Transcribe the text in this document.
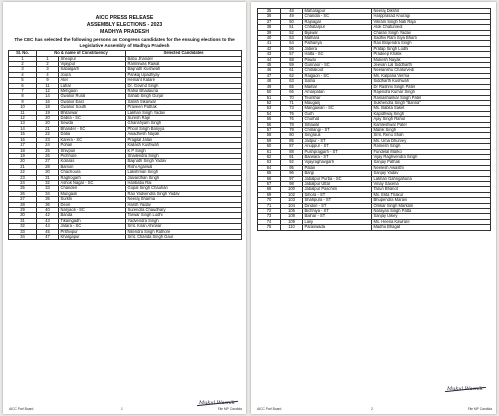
AICC PRESS RELEASE
ASSEMBLY ELECTIONS - 2023
MADHYA PRADESH
The CEC has selected the following persons as Congress candidates for the ensuing elections to the Legislative Assembly of Madhya Pradesh
Sl. No.	No & name of Constituency		Selected Candidates
1	1	Sheopur	Babu Jhandel
2	2	Vijaypur	Ramniwas Rawat
3	3	Sabalgarh	Baijnath Kushwah
4	4	Joura	Pankaj Upadhyay
5	9	Ater	Hemant Katare
6	11	Lahar	Dr. Govind Singh
7	12	Mehgaon	Rahul Bhadauria
8	14	Gwalior Rural	Sahab Singh Gurjar
9	16	Gwalior East	Satish Sikarwar
10	18	Gwalior South	Praveen Pathak
11	19	Bhitarwar	Lakhan Singh Yadav
12	20	Dabra - SC	Suresh Raje
13	20	Sewda	Ghanshyam Singh
14	21	Bhander - SC	Phool Singh Bariyya
15	22	Datia	Awadhesh Nayak
16	23	Karera - SC	Pragilal Jatav
17	24	Pohari	Kailash Kushwah
18	25	Shivpuri	K P Singh
19	26	Pichhore	Shailendra Singh
20	27	Kolaras	Baijnath Singh Yadav
21	28	Bamori	Rishi Agarwal
22	30	Chachoura	Lakshman Singh
23	31	Raghogarh	Jaivardhan Singh
24	32	Ashok Nagar - SC	Haribabu Rai
25	33	Chanderi	Gopal Singh Chauhan
26	34	Mungaoli	Rao Yadvendra Singh Yadav
27	35	Surkhi	Neeraj Sharma
28	36	Deori	Harsh Yadav
29	40	Naryaoli - SC	Surendra Chaudhary
30	42	Banda	Tarwar Singh Lodhi
31	43	Tikamgadh	Yadvendra Singh
32	44	Jatara - SC	Smt. Kiran Ahirwar
33	45	Prithvipur	Nitendra Singh Rathore
34	47	Khargapur	Smt. Chanda Singh Gaur
Mukul Wasnik
AICC Parl Board	1	File MP Candida
35	48	Maharajpur	Neeraj Dikshit
36	49	Chandla - SC	Harpprasad Anuragi
37	50	Rajnagar	Vikram Singh Nati Raja
38	51	Chhatarpur	Alok Chaturvedi
39	52	Bijawar	Charan Singh Yadav
40	53	Malhara	Sadhvi Ram Siya Bharti
41	54	Pathariya	Rao Brajendra Singh
42	56	Jabera	Pratap Singh Lodhi
43	57	Hatta - SC	Pradeep Khatik
44	58	Pawai	Mukesh Nayak
45	59	Gunnaor - SC	Jeevan Lal Siddharth
46	61	Chitrakoot	Neelanshu Chaturvedi
47	62	Raigaon - SC	Ms. Kalpana Verma
48	63	Satna	Siddharth Kushwah
49	65	Maihar	Dr Rashmi Singh Patel
50	66	Amarpatan	Rajendra Kumar Singh
51	70	Teonthar	Ramashankar Singh Patel
52	71	Mauganj	Sukhendra Singh "Banna"
53	73	Mangawan - SC	Ms. Babita Saket
54	75	Gurh	Kapidhwaj Singh
55	76	Churhat	Ajay Singh Rahul
56	78	Sihawal	Kamleshwar Patel
57	79	Chitrangi - ST	Manik Singh
58	80	Singrauli	Smt. Renu Shah
59	85	Jaitpur - ST	Ms. Uma Dhurvey
60	87	Anuppur - ST	Ramesh Singh
61	88	Pushprajgarh - ST	Fundelal Marko
62	91	Barwara - ST	Vijay Raghvendra Singh
63	92	Vijayraghavgarh	Sanjay Pathak
64	95	Patan	Neelesh Awasthi
65	96	Bargi	Sanjay Yadav
66	97	Jabalpur Purba - SC	Lakhan Gahngahuria
67	98	Jabalpur Uttar	Vinay Saxena
68	100	Jabalpur Paschim	Tarun Bhanot
69	102	Sihora - ST	Ms. Ekta Thakur
70	103	Shahpura - ST	Bhupendra Maravi
71	104	Dindori - ST	Omkar Singh Markam
72	105	Bichhiya - ST	Narayan Singh Patta
73	108	Baihar - ST	Sanjay Uikey
74	109	Lanji	Ms. Heena Kawrare
75	110	Paraswada	Madhu Bhagat
Mukul Wasnik
AICC Parl Board	2	File MP Candida
